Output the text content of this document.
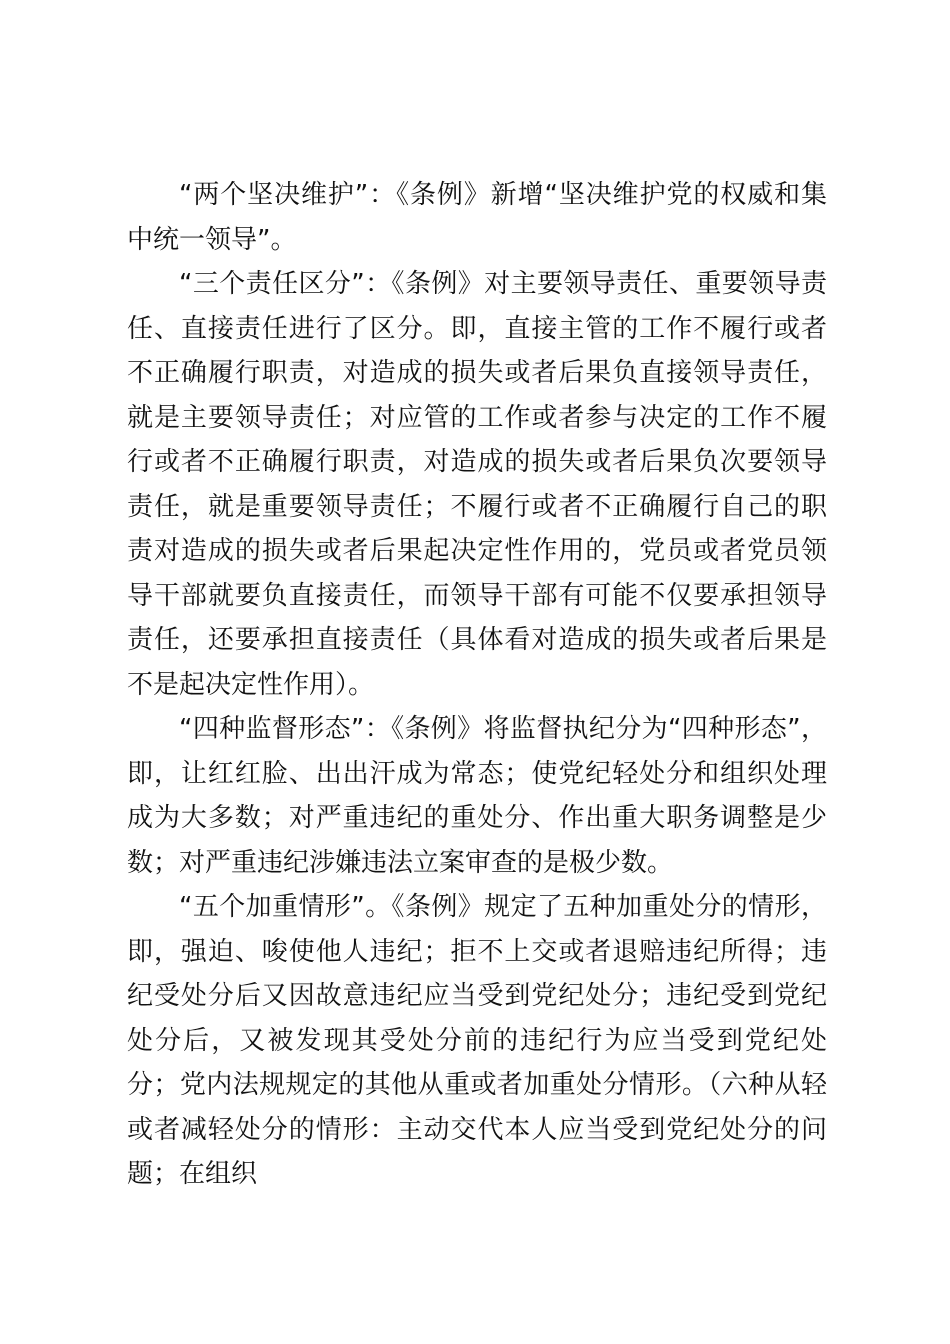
“两个坚决维护”：《条例》新增“坚决维护党的权威和集中统一领导”。

“三个责任区分”：《条例》对主要领导责任、重要领导责任、直接责任进行了区分。即，直接主管的工作不履行或者不正确履行职责，对造成的损失或者后果负直接领导责任，就是主要领导责任；对应管的工作或者参与决定的工作不履行或者不正确履行职责，对造成的损失或者后果负次要领导责任，就是重要领导责任；不履行或者不正确履行自己的职责对造成的损失或者后果起决定性作用的，党员或者党员领导干部就要负直接责任，而领导干部有可能不仅要承担领导责任，还要承担直接责任（具体看对造成的损失或者后果是不是起决定性作用）。

“四种监督形态”：《条例》将监督执纪分为“四种形态”，即，让红红脸、出出汗成为常态；使党纪轻处分和组织处理成为大多数；对严重违纪的重处分、作出重大职务调整是少数；对严重违纪涉嫌违法立案审查的是极少数。

“五个加重情形”。《条例》规定了五种加重处分的情形，即，强迫、唆使他人违纪；拒不上交或者退赔违纪所得；违纪受处分后又因故意违纪应当受到党纪处分；违纪受到党纪处分后，又被发现其受处分前的违纪行为应当受到党纪处分；党内法规规定的其他从重或者加重处分情形。（六种从轻或者减轻处分的情形：主动交代本人应当受到党纪处分的问题；在组织
